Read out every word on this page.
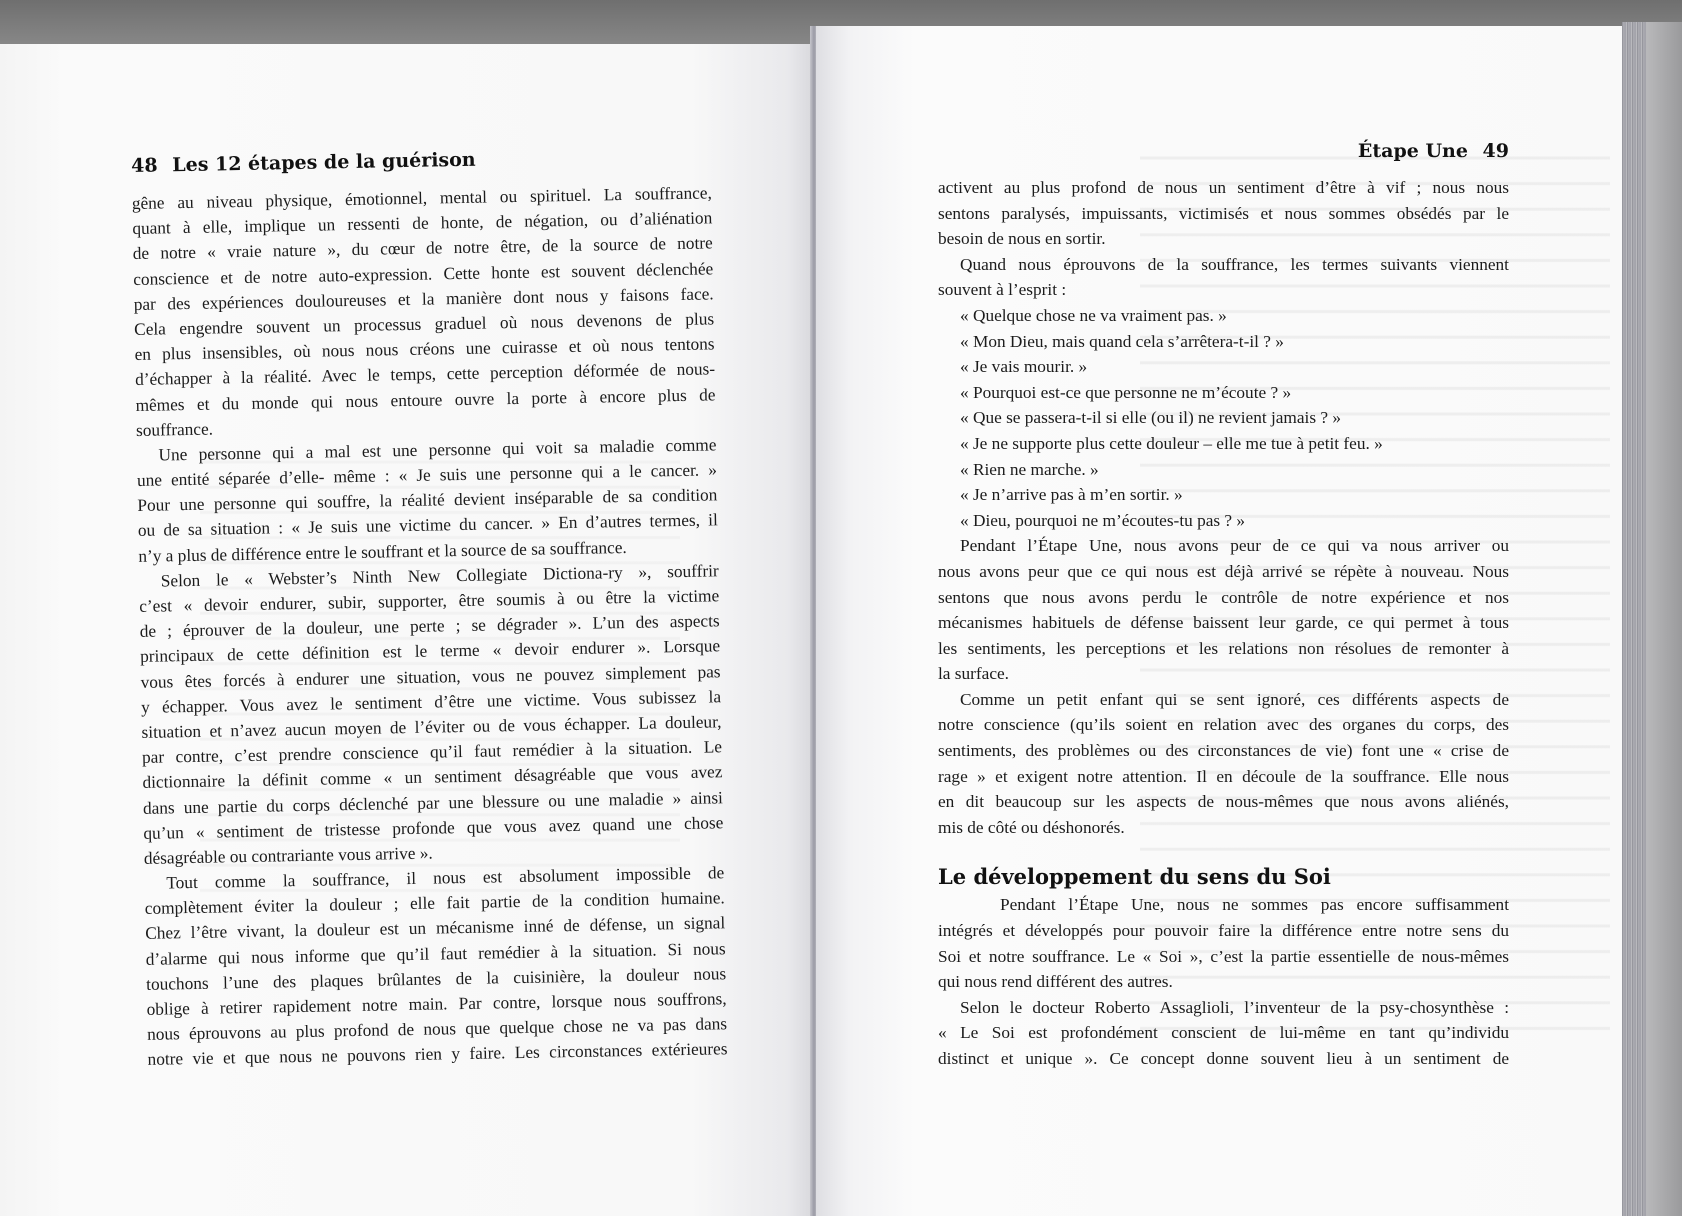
48 Les 12 étapes de la guérison
gêne au niveau physique, émotionnel, mental ou spirituel. La souffrance,
quant à elle, implique un ressenti de honte, de négation, ou d’aliénation
de notre « vraie nature », du cœur de notre être, de la source de notre
conscience et de notre auto-expression. Cette honte est souvent déclenchée
par des expériences douloureuses et la manière dont nous y faisons face.
Cela engendre souvent un processus graduel où nous devenons de plus
en plus insensibles, où nous nous créons une cuirasse et où nous tentons
d’échapper à la réalité. Avec le temps, cette perception déformée de nous-
mêmes et du monde qui nous entoure ouvre la porte à encore plus de
souffrance.
Une personne qui a mal est une personne qui voit sa maladie comme
une entité séparée d’elle- même : « Je suis une personne qui a le cancer. »
Pour une personne qui souffre, la réalité devient inséparable de sa condition
ou de sa situation : « Je suis une victime du cancer. » En d’autres termes, il
n’y a plus de différence entre le souffrant et la source de sa souffrance.
Selon le « Webster’s Ninth New Collegiate Dictiona-ry », souffrir
c’est « devoir endurer, subir, supporter, être soumis à ou être la victime
de ; éprouver de la douleur, une perte ; se dégrader ». L’un des aspects
principaux de cette définition est le terme « devoir endurer ». Lorsque
vous êtes forcés à endurer une situation, vous ne pouvez simplement pas
y échapper. Vous avez le sentiment d’être une victime. Vous subissez la
situation et n’avez aucun moyen de l’éviter ou de vous échapper. La douleur,
par contre, c’est prendre conscience qu’il faut remédier à la situation. Le
dictionnaire la définit comme « un sentiment désagréable que vous avez
dans une partie du corps déclenché par une blessure ou une maladie » ainsi
qu’un « sentiment de tristesse profonde que vous avez quand une chose
désagréable ou contrariante vous arrive ».
Tout comme la souffrance, il nous est absolument impossible de
complètement éviter la douleur ; elle fait partie de la condition humaine.
Chez l’être vivant, la douleur est un mécanisme inné de défense, un signal
d’alarme qui nous informe que qu’il faut remédier à la situation. Si nous
touchons l’une des plaques brûlantes de la cuisinière, la douleur nous
oblige à retirer rapidement notre main. Par contre, lorsque nous souffrons,
nous éprouvons au plus profond de nous que quelque chose ne va pas dans
notre vie et que nous ne pouvons rien y faire. Les circonstances extérieures
Étape Une 49
activent au plus profond de nous un sentiment d’être à vif ; nous nous
sentons paralysés, impuissants, victimisés et nous sommes obsédés par le
besoin de nous en sortir.
Quand nous éprouvons de la souffrance, les termes suivants viennent
souvent à l’esprit :
« Quelque chose ne va vraiment pas. »
« Mon Dieu, mais quand cela s’arrêtera-t-il ? »
« Je vais mourir. »
« Pourquoi est-ce que personne ne m’écoute ? »
« Que se passera-t-il si elle (ou il) ne revient jamais ? »
« Je ne supporte plus cette douleur – elle me tue à petit feu. »
« Rien ne marche. »
« Je n’arrive pas à m’en sortir. »
« Dieu, pourquoi ne m’écoutes-tu pas ? »
Pendant l’Étape Une, nous avons peur de ce qui va nous arriver ou
nous avons peur que ce qui nous est déjà arrivé se répète à nouveau. Nous
sentons que nous avons perdu le contrôle de notre expérience et nos
mécanismes habituels de défense baissent leur garde, ce qui permet à tous
les sentiments, les perceptions et les relations non résolues de remonter à
la surface.
Comme un petit enfant qui se sent ignoré, ces différents aspects de
notre conscience (qu’ils soient en relation avec des organes du corps, des
sentiments, des problèmes ou des circonstances de vie) font une « crise de
rage » et exigent notre attention. Il en découle de la souffrance. Elle nous
en dit beaucoup sur les aspects de nous-mêmes que nous avons aliénés,
mis de côté ou déshonorés.
Le développement du sens du Soi
Pendant l’Étape Une, nous ne sommes pas encore suffisamment
intégrés et développés pour pouvoir faire la différence entre notre sens du
Soi et notre souffrance. Le « Soi », c’est la partie essentielle de nous-mêmes
qui nous rend différent des autres.
Selon le docteur Roberto Assaglioli, l’inventeur de la psy-chosynthèse :
« Le Soi est profondément conscient de lui-même en tant qu’individu
distinct et unique ». Ce concept donne souvent lieu à un sentiment de
